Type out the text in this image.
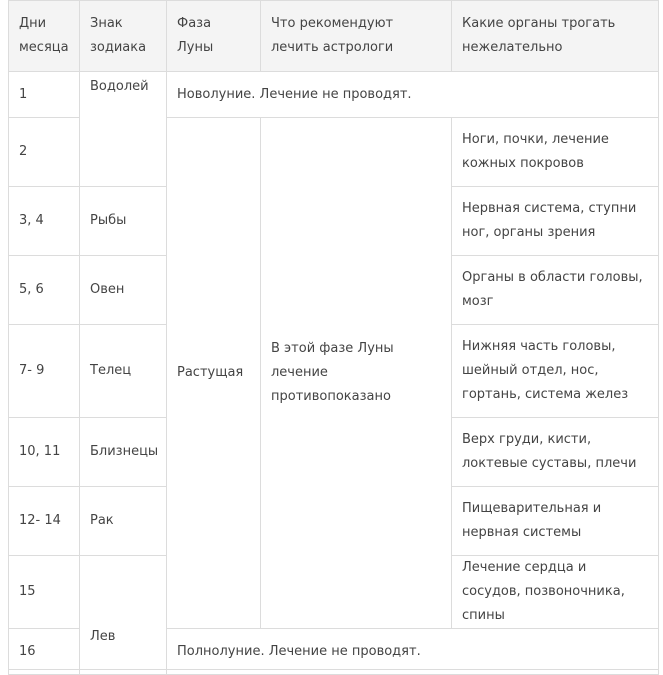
Дни месяца	Знак зодиака	Фаза Луны	Что рекомендуют лечить астрологи	Какие органы трогать нежелательно
1	Водолей	Новолуние. Лечение не проводят.		
2		Растущая	В этой фазе Луны лечение противопоказано	Ноги, почки, лечение кожных покровов
3, 4	Рыбы			Нервная система, ступни ног, органы зрения
5, 6	Овен			Органы в области головы, мозг
7- 9	Телец			Нижняя часть головы, шейный отдел, нос, гортань, система желез
10, 11	Близнецы			Верх груди, кисти, локтевые суставы, плечи
12- 14	Рак			Пищеварительная и нервная системы
15	Лев			Лечение сердца и сосудов, позвоночника, спины
16		Полнолуние. Лечение не проводят.		
